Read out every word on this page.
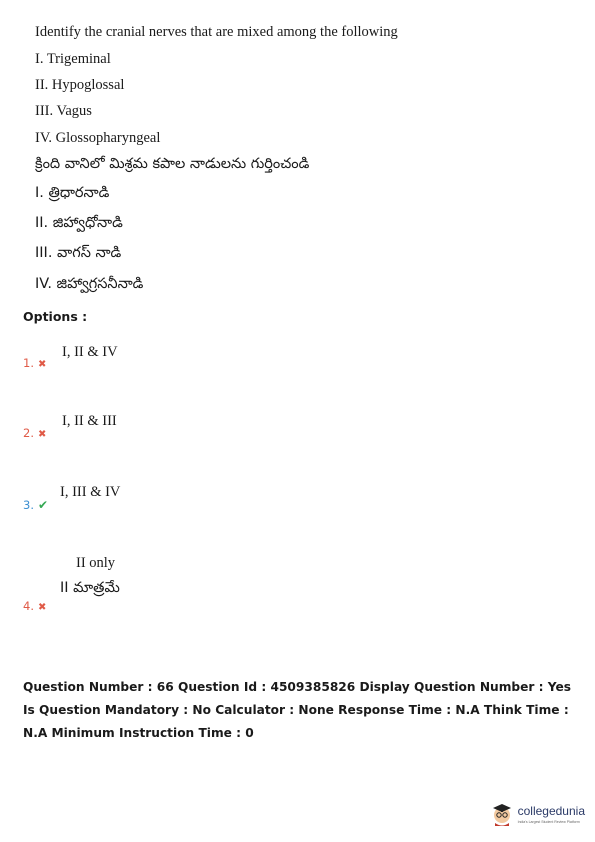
Identify the cranial nerves that are mixed among the following
I. Trigeminal
II. Hypoglossal
III. Vagus
IV. Glossopharyngeal
క్రింది వానిలో మిశ్రమ కపాల నాడులను గుర్తించండి
I. త్రిధారనాడి
II. జిహ్వాధోనాడి
III. వాగస్ నాడి
IV. జిహ్వాగ్రసనీనాడి
Options :
1. ✖
I, II & IV
2. ✖
I, II & III
3. ✔
I, III & IV
4. ✖
II only
II మాత్రమే
Question Number : 66 Question Id : 4509385826 Display Question Number : Yes Is Question Mandatory : No Calculator : None Response Time : N.A Think Time : N.A Minimum Instruction Time : 0
collegedunia
India's Largest Student Review Platform
